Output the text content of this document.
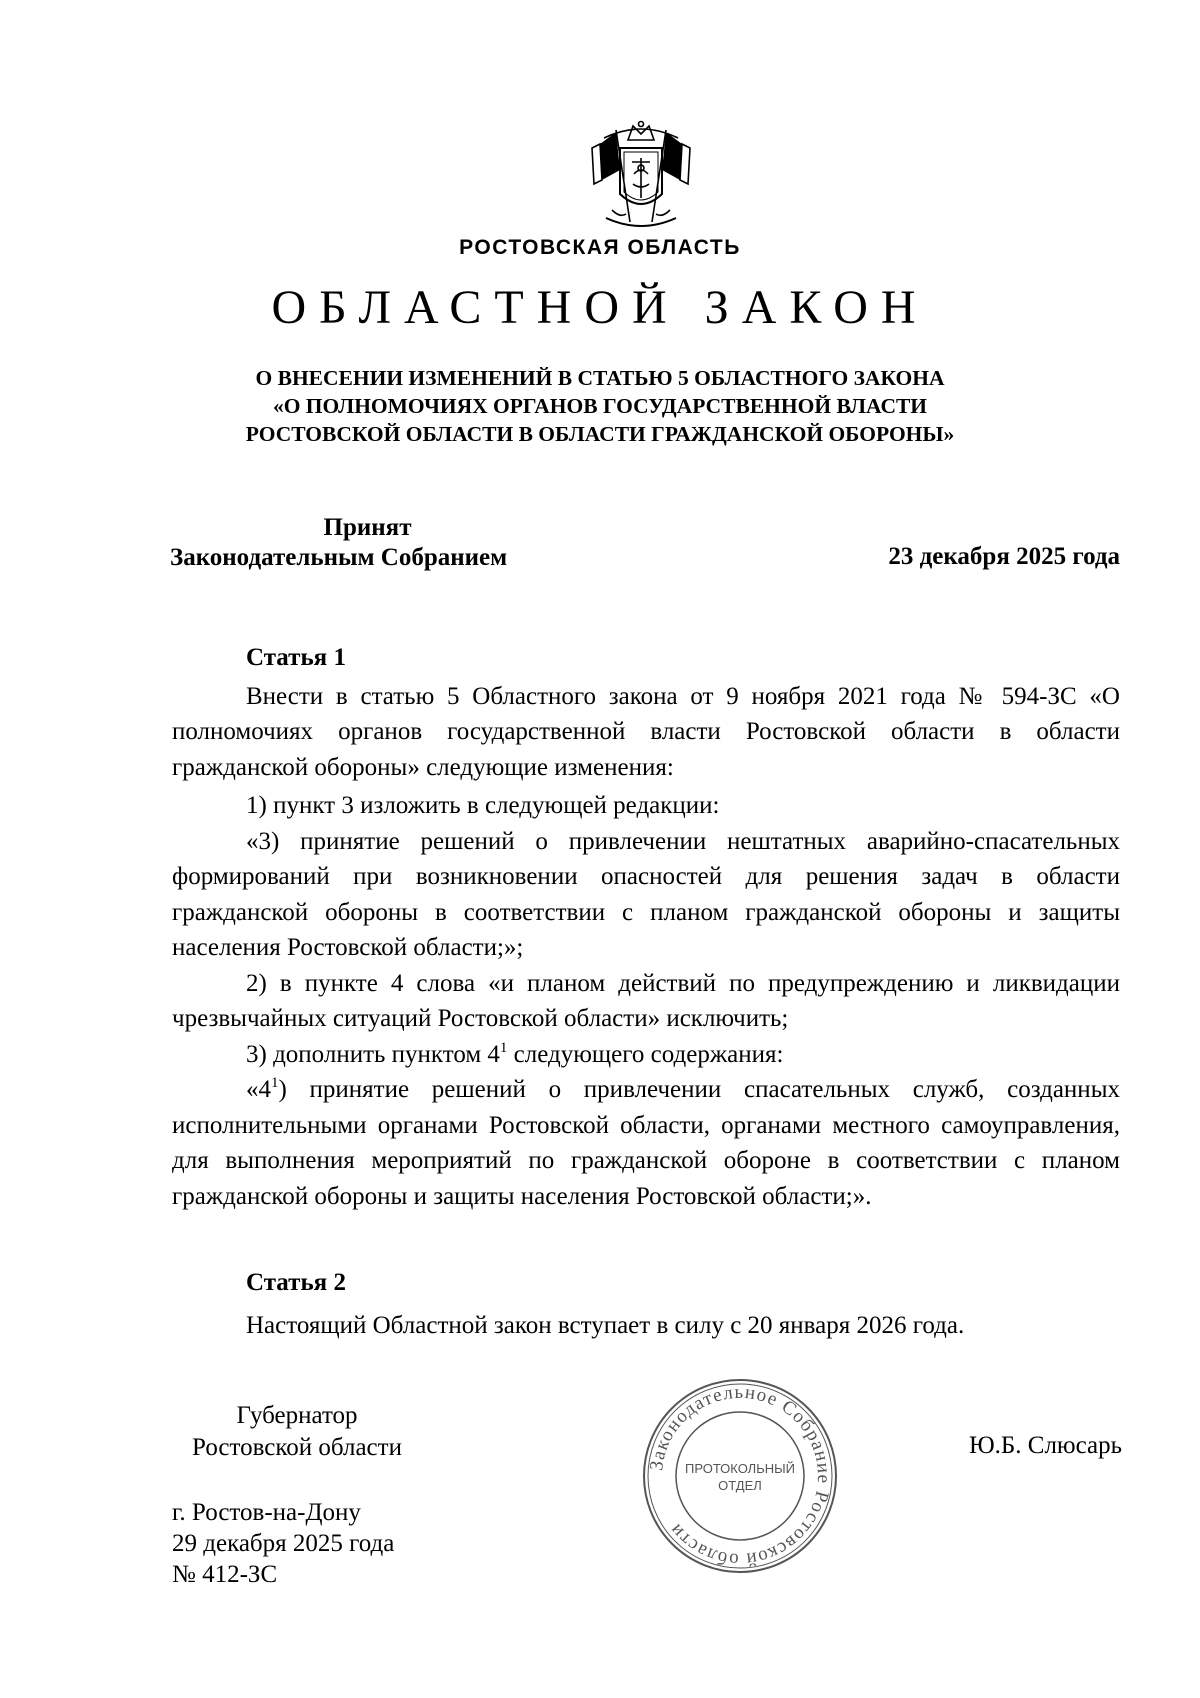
РОСТОВСКАЯ ОБЛАСТЬ
ОБЛАСТНОЙ ЗАКОН
О ВНЕСЕНИИ ИЗМЕНЕНИЙ В СТАТЬЮ 5 ОБЛАСТНОГО ЗАКОНА
«О ПОЛНОМОЧИЯХ ОРГАНОВ ГОСУДАРСТВЕННОЙ ВЛАСТИ
РОСТОВСКОЙ ОБЛАСТИ В ОБЛАСТИ ГРАЖДАНСКОЙ ОБОРОНЫ»
Принят
Законодательным Собранием	23 декабря 2025 года

Статья 1

Внести в статью 5 Областного закона от 9 ноября 2021 года № 594-ЗС «О полномочиях органов государственной власти Ростовской области в области гражданской обороны» следующие изменения:

1) пункт 3 изложить в следующей редакции:

«3) принятие решений о привлечении нештатных аварийно-спасательных формирований при возникновении опасностей для решения задач в области гражданской обороны в соответствии с планом гражданской обороны и защиты населения Ростовской области;»;

2) в пункте 4 слова «и планом действий по предупреждению и ликвидации чрезвычайных ситуаций Ростовской области» исключить;

3) дополнить пунктом $4^1$ следующего содержания:

«$4^1$) принятие решений о привлечении спасательных служб, созданных исполнительными органами Ростовской области, органами местного самоуправления, для выполнения мероприятий по гражданской обороне в соответствии с планом гражданской обороны и защиты населения Ростовской области;».

Статья 2

Настоящий Областной закон вступает в силу с 20 января 2026 года.

Губернатор
Ростовской области	Ю.Б. Слюсарь
г. Ростов-на-Дону
29 декабря 2025 года
№ 412-ЗС
Законодательное Собрание Ростовской области
ПРОТОКОЛЬНЫЙ
ОТДЕЛ
